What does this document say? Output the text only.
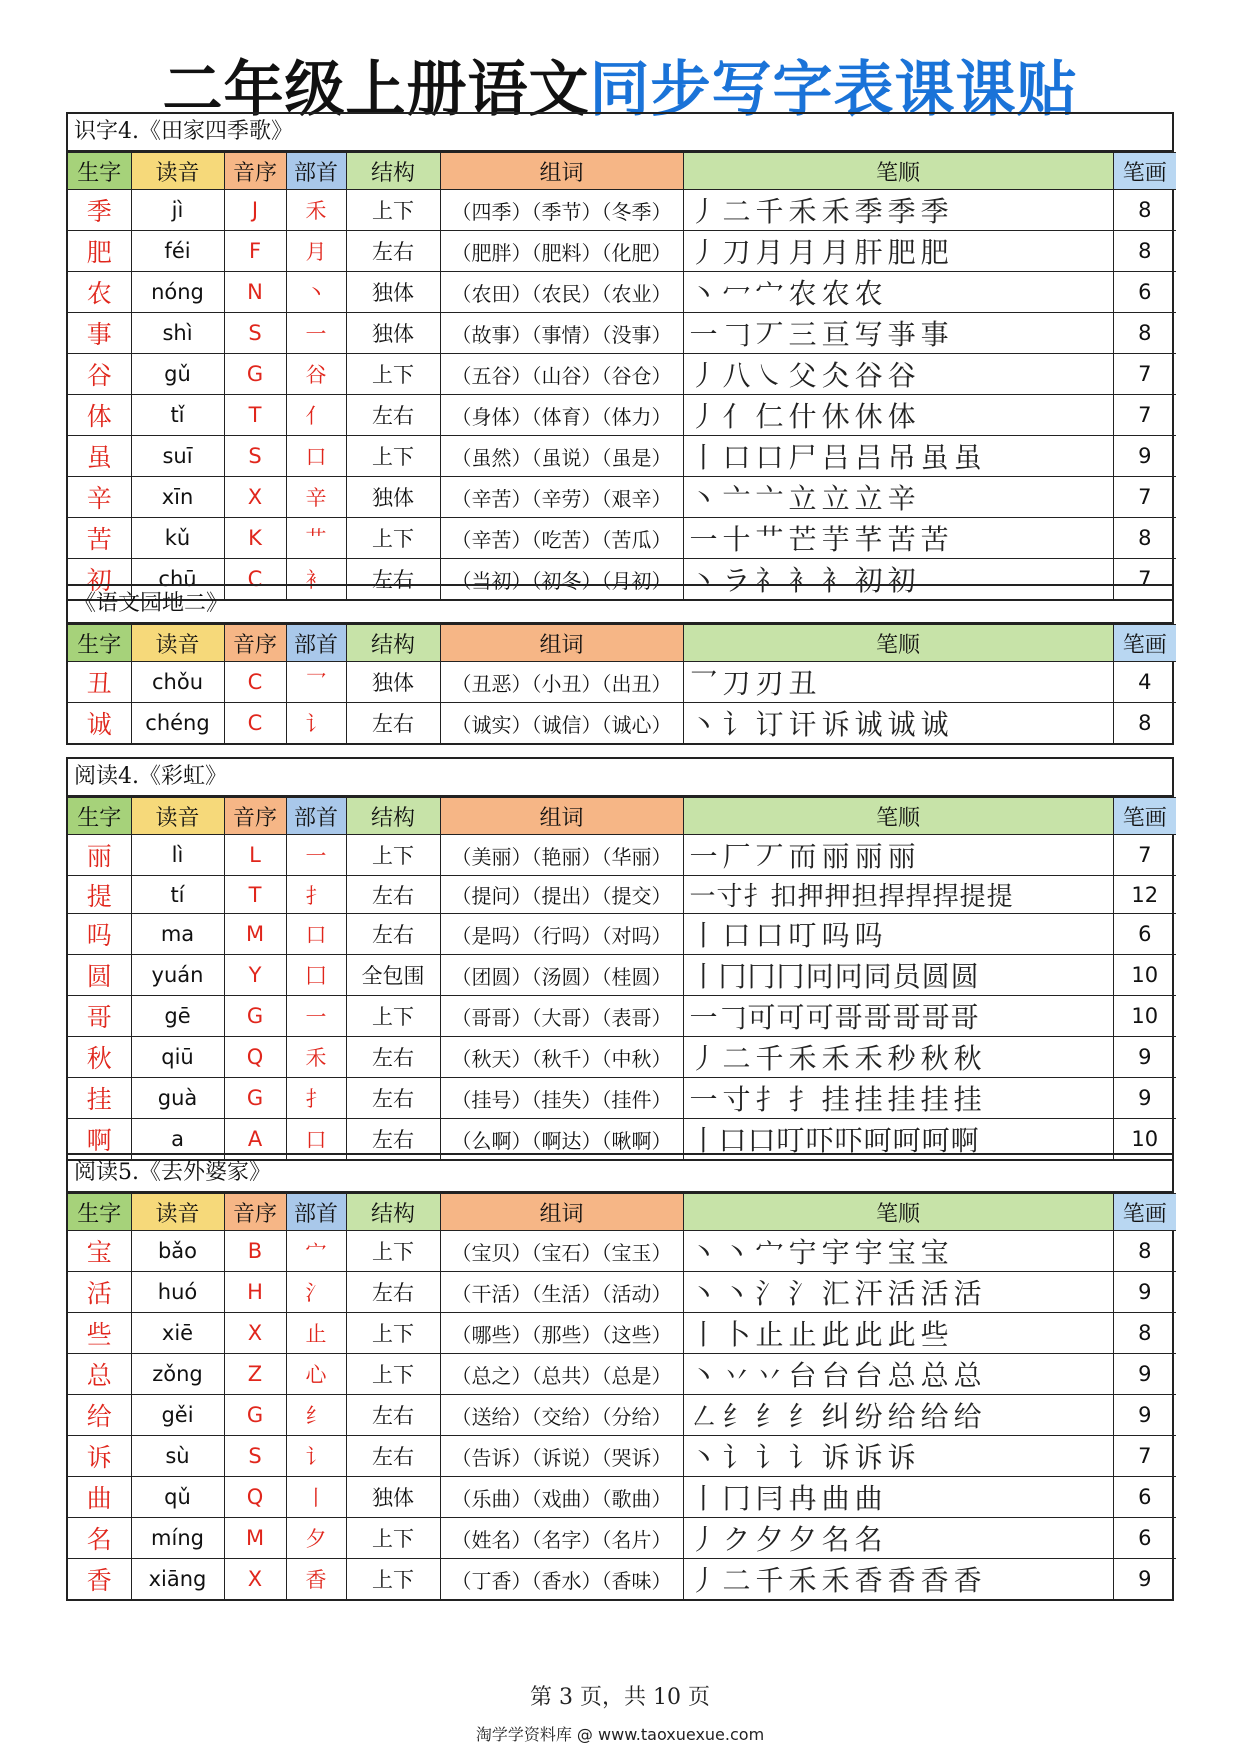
二年级上册语文同步写字表课课贴
识字4.《田家四季歌》
生字	读音	音序	部首	结构	组词	笔顺	笔画
季	jì	J	禾	上下	（四季）（季节）（冬季）	丿二千禾禾季季季	8
肥	féi	F	月	左右	（肥胖）（肥料）（化肥）	丿刀月月月肝肥肥	8
农	nóng	N	丶	独体	（农田）（农民）（农业）	丶冖宀农农农	6
事	shì	S	一	独体	（故事）（事情）（没事）	一𠃌丆三亘写亊事	8
谷	gǔ	G	谷	上下	（五谷）（山谷）（谷仓）	丿八㇏父仌谷谷	7
体	tǐ	T	亻	左右	（身体）（体育）（体力）	丿亻仁什休休体	7
虽	suī	S	口	上下	（虽然）（虽说）（虽是）	丨口口尸吕吕吊虽虽	9
辛	xīn	X	辛	独体	（辛苦）（辛劳）（艰辛）	丶亠亠立立立辛	7
苦	kǔ	K	艹	上下	（辛苦）（吃苦）（苦瓜）	一十艹芒芋芊苦苦	8
初	chū	C	衤	左右	（当初）（初冬）（月初）	丶ラ礻衤衤初初	7
《语文园地二》
生字	读音	音序	部首	结构	组词	笔顺	笔画
丑	chǒu	C	乛	独体	（丑恶）（小丑）（出丑）	乛刀刃丑	4
诚	chéng	C	讠	左右	（诚实）（诚信）（诚心）	丶讠订讦诉诚诚诚	8
阅读4.《彩虹》
生字	读音	音序	部首	结构	组词	笔顺	笔画
丽	lì	L	一	上下	（美丽）（艳丽）（华丽）	一厂丆而丽丽丽	7
提	tí	T	扌	左右	（提问）（提出）（提交）	一寸扌扣押押担捍捍捍提提	12
吗	ma	M	口	左右	（是吗）（行吗）（对吗）	丨口口叮吗吗	6
圆	yuán	Y	囗	全包围	（团圆）（汤圆）（桂圆）	丨冂冂冂冋冋同员圆圆	10
哥	gē	G	一	上下	（哥哥）（大哥）（表哥）	一𠃌可可可哥哥哥哥哥	10
秋	qiū	Q	禾	左右	（秋天）（秋千）（中秋）	丿二千禾禾禾秒秋秋	9
挂	guà	G	扌	左右	（挂号）（挂失）（挂件）	一寸扌扌挂挂挂挂挂	9
啊	a	A	口	左右	（么啊）（啊达）（啾啊）	丨口口叮吓吓呵呵呵啊	10
阅读5.《去外婆家》
生字	读音	音序	部首	结构	组词	笔顺	笔画
宝	bǎo	B	宀	上下	（宝贝）（宝石）（宝玉）	丶丶宀宁宇宇宝宝	8
活	huó	H	氵	左右	（干活）（生活）（活动）	丶丶氵氵汇汗活活活	9
些	xiē	X	止	上下	（哪些）（那些）（这些）	丨卜止止此此此些	8
总	zǒng	Z	心	上下	（总之）（总共）（总是）	丶丷丷台台台总总总	9
给	gěi	G	纟	左右	（送给）（交给）（分给）	㇜纟纟纟纠纷给给给	9
诉	sù	S	讠	左右	（告诉）（诉说）（哭诉）	丶讠讠讠诉诉诉	7
曲	qǔ	Q	丨	独体	（乐曲）（戏曲）（歌曲）	丨冂冃冉曲曲	6
名	míng	M	夕	上下	（姓名）（名字）（名片）	丿ク夕夕名名	6
香	xiāng	X	香	上下	（丁香）（香水）（香味）	丿二千禾禾香香香香	9
第 3 页，共 10 页
淘学学资料库 @ www.taoxuexue.com
